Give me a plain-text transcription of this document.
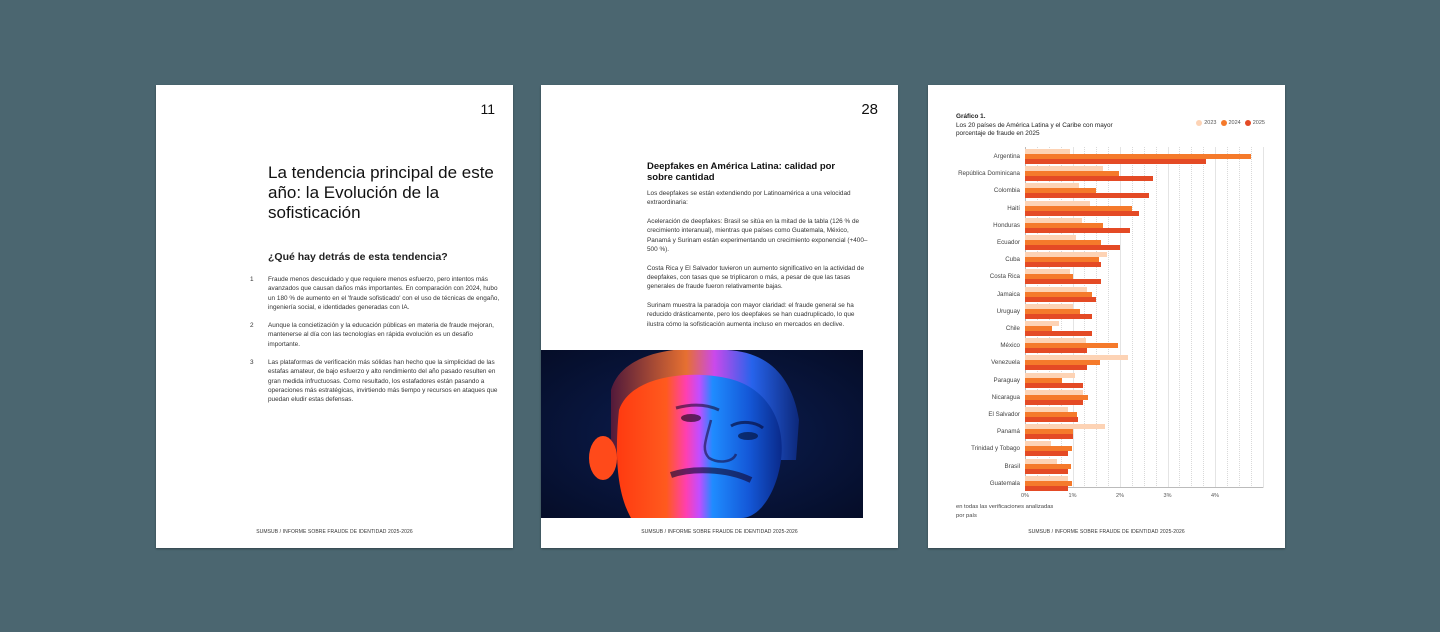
11
La tendencia principal de este año: la Evolución de la sofisticación
¿Qué hay detrás de esta tendencia?
1	Fraude menos descuidado y que requiere menos esfuerzo, pero intentos más avanzados que causan daños más importantes. En comparación con 2024, hubo un 180 % de aumento en el 'fraude sofisticado' con el uso de técnicas de engaño, ingeniería social, e identidades generadas con IA.
2	Aunque la concietización y la educación públicas en materia de fraude mejoran, mantenerse al día con las tecnologías en rápida evolución es un desafío importante.
3	Las plataformas de verificación más sólidas han hecho que la simplicidad de las estafas amateur, de bajo esfuerzo y alto rendimiento del año pasado resulten en gran medida infructuosas. Como resultado, los estafadores están pasando a operaciones más estratégicas, invirtiendo más tiempo y recursos en ataques que puedan eludir estas defensas.
SUMSUB / INFORME SOBRE FRAUDE DE IDENTIDAD 2025-2026
28
Deepfakes en América Latina: calidad por sobre cantidad

Los deepfakes se están extendiendo por Latinoamérica a una velocidad extraordinaria:

Aceleración de deepfakes: Brasil se sitúa en la mitad de la tabla (126 % de crecimiento interanual), mientras que países como Guatemala, México, Panamá y Surinam están experimentando un crecimiento exponencial (+400–500 %).

Costa Rica y El Salvador tuvieron un aumento significativo en la actividad de deepfakes, con tasas que se triplicaron o más, a pesar de que las tasas generales de fraude fueron relativamente bajas.

Surinam muestra la paradoja con mayor claridad: el fraude general se ha reducido drásticamente, pero los deepfakes se han cuadruplicado, lo que ilustra cómo la sofisticación aumenta incluso en mercados en declive.

SUMSUB / INFORME SOBRE FRAUDE DE IDENTIDAD 2025-2026
Gráfico 1.
Los 20 países de América Latina y el Caribe con mayor porcentaje de fraude en 2025
2023 2024 2025
Argentina
República Dominicana
Colombia
Haití
Honduras
Ecuador
Cuba
Costa Rica
Jamaica
Uruguay
Chile
México
Venezuela
Paraguay
Nicaragua
El Salvador
Panamá
Trinidad y Tobago
Brasil
Guatemala
0%	1%	2%	3%	4%
en todas las verificaciones analizadas por país
SUMSUB / INFORME SOBRE FRAUDE DE IDENTIDAD 2025-2026
